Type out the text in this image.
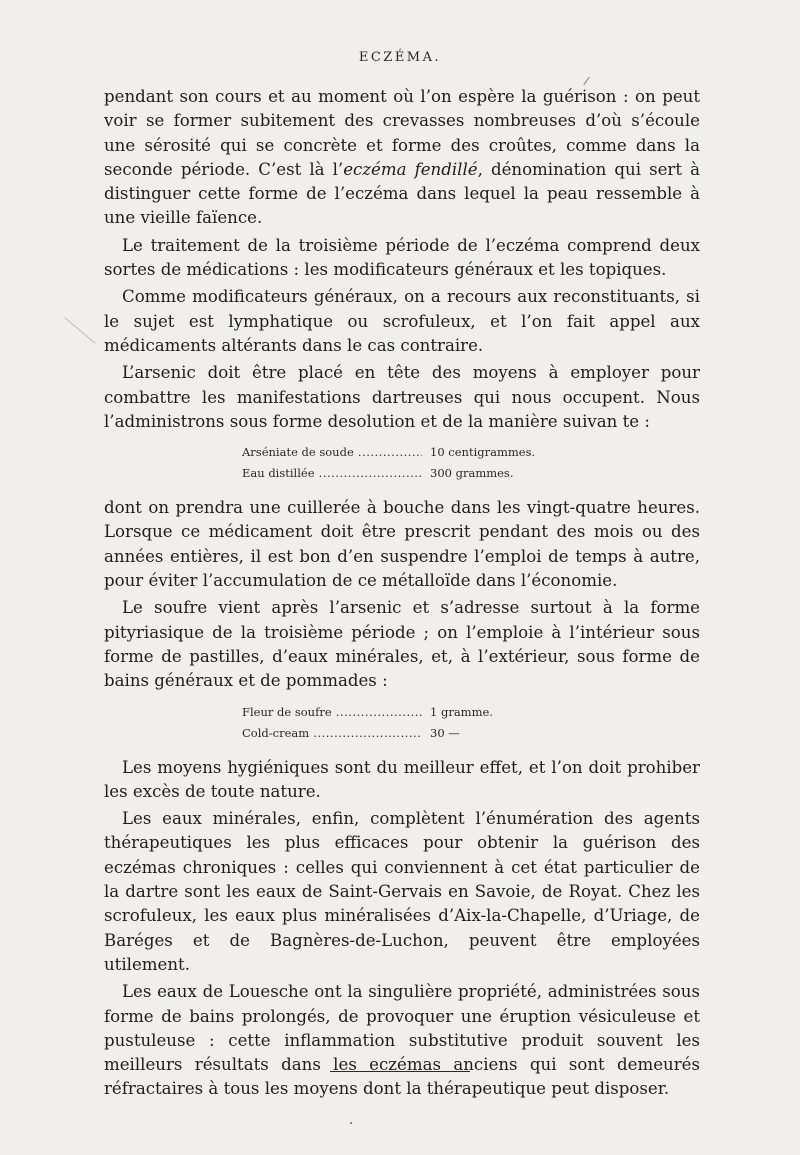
ECZÉMA.

pendant son cours et au moment où l’on espère la guérison : on peut voir se former subitement des crevasses nombreuses d’où s’écoule une sérosité qui se concrète et forme des croûtes, comme dans la seconde période. C’est là l’eczéma fendillé, dénomination qui sert à distinguer cette forme de l’eczéma dans lequel la peau ressemble à une vieille faïence.

Le traitement de la troisième période de l’eczéma comprend deux sortes de médications : les modificateurs généraux et les topiques.

Comme modificateurs généraux, on a recours aux reconstituants, si le sujet est lymphatique ou scrofuleux, et l’on fait appel aux médicaments altérants dans le cas contraire.

L’arsenic doit être placé en tête des moyens à employer pour combattre les manifestations dartreuses qui nous occupent. Nous l’administrons sous forme desolution et de la manière suivan te :

Arséniate de soude .....	10 centigrammes.
Eau distillée .....	300 grammes.

dont on prendra une cuillerée à bouche dans les vingt-quatre heures. Lorsque ce médicament doit être prescrit pendant des mois ou des années entières, il est bon d’en suspendre l’emploi de temps à autre, pour éviter l’accumulation de ce métalloïde dans l’économie.

Le soufre vient après l’arsenic et s’adresse surtout à la forme pityriasique de la troisième période ; on l’emploie à l’intérieur sous forme de pastilles, d’eaux minérales, et, à l’extérieur, sous forme de bains généraux et de pommades :

Fleur de soufre .....	1 gramme.
Cold-cream .....	30 —

Les moyens hygiéniques sont du meilleur effet, et l’on doit prohiber les excès de toute nature.

Les eaux minérales, enfin, complètent l’énumération des agents thérapeutiques les plus efficaces pour obtenir la guérison des eczémas chroniques : celles qui conviennent à cet état particulier de la dartre sont les eaux de Saint-Gervais en Savoie, de Royat. Chez les scrofuleux, les eaux plus minéralisées d’Aix-la-Chapelle, d’Uriage, de Baréges et de Bagnères-de-Luchon, peuvent être employées utilement.

Les eaux de Louesche ont la singulière propriété, administrées sous forme de bains prolongés, de provoquer une éruption vésiculeuse et pustuleuse : cette inflammation substitutive produit souvent les meilleurs résultats dans les eczémas anciens qui sont demeurés réfractaires à tous les moyens dont la thérapeutique peut disposer.
